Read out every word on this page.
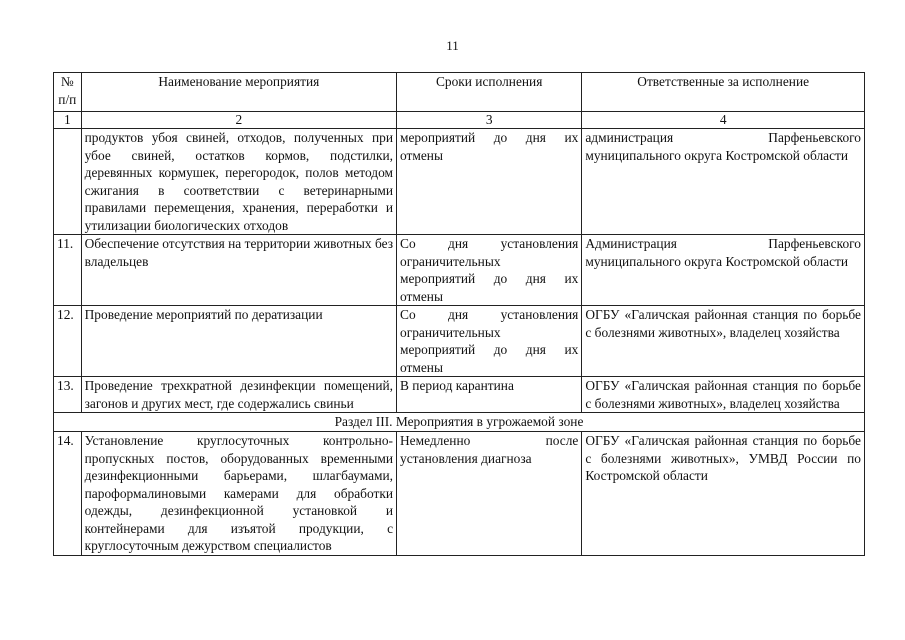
11
№ п/п	Наименование мероприятия	Сроки исполнения	Ответственные за исполнение
1	2	3	4
	продуктов убоя свиней, отходов, полученных при убое свиней, остатков кормов, подстилки, деревянных кормушек, перегородок, полов методом сжигания в соответствии с ветеринарными правилами перемещения, хранения, переработки и утилизации биологических отходов	мероприятий до дня их отмены	администрация Парфеньевского муниципального округа Костромской области
11.	Обеспечение отсутствия на территории животных без владельцев	Со дня установления ограничительных мероприятий до дня их отмены	Администрация Парфеньевского муниципального округа Костромской области
12.	Проведение мероприятий по дератизации	Со дня установления ограничительных мероприятий до дня их отмены	ОГБУ «Галичская районная станция по борьбе с болезнями животных», владелец хозяйства
13.	Проведение трехкратной дезинфекции помещений, загонов и других мест, где содержались свиньи	В период карантина	ОГБУ «Галичская районная станция по борьбе с болезнями животных», владелец хозяйства
Раздел III. Мероприятия в угрожаемой зоне			
14.	Установление круглосуточных контрольно-пропускных постов, оборудованных временными дезинфекционными барьерами, шлагбаумами, пароформалиновыми камерами для обработки одежды, дезинфекционной установкой и контейнерами для изъятой продукции, с круглосуточным дежурством специалистов	Немедленно после установления диагноза	ОГБУ «Галичская районная станция по борьбе с болезнями животных», УМВД России по Костромской области
